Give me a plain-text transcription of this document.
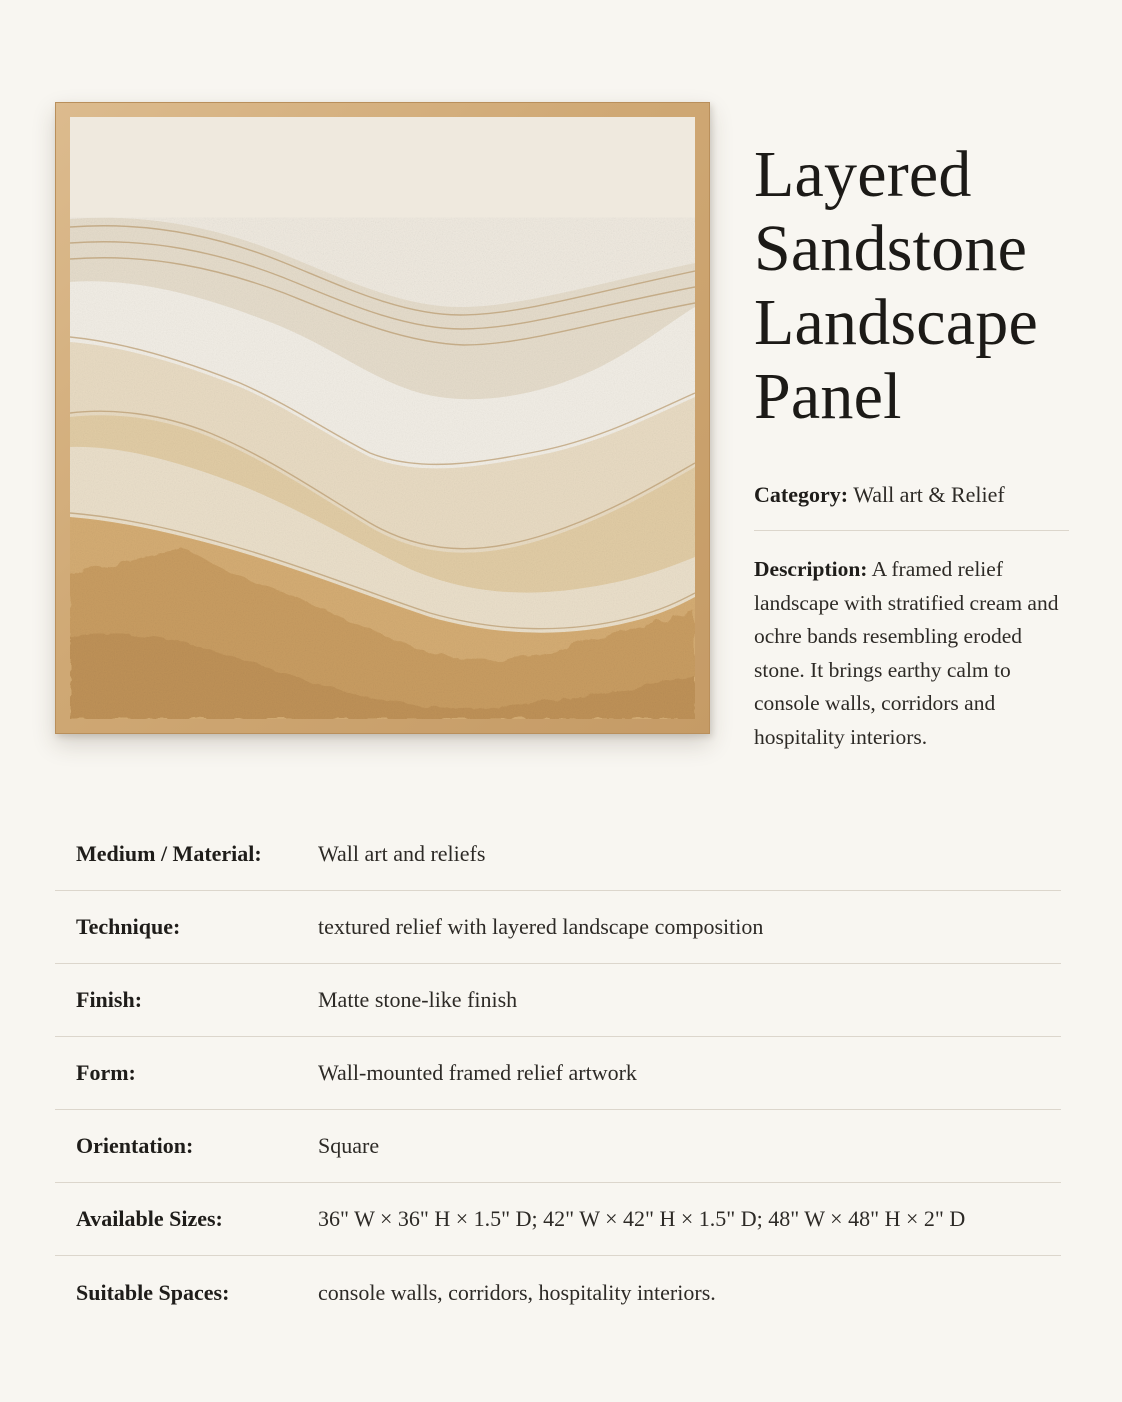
Layered
Sandstone
Landscape
Panel
Category: Wall art & Relief
Description: A framed relief landscape with stratified cream and ochre bands resembling eroded stone. It brings earthy calm to console walls, corridors and hospitality interiors.
Medium / Material:	Wall art and reliefs
Technique:	textured relief with layered landscape composition
Finish:	Matte stone-like finish
Form:	Wall-mounted framed relief artwork
Orientation:	Square
Available Sizes:	36" W × 36" H × 1.5" D; 42" W × 42" H × 1.5" D; 48" W × 48" H × 2" D
Suitable Spaces:	console walls, corridors, hospitality interiors.
